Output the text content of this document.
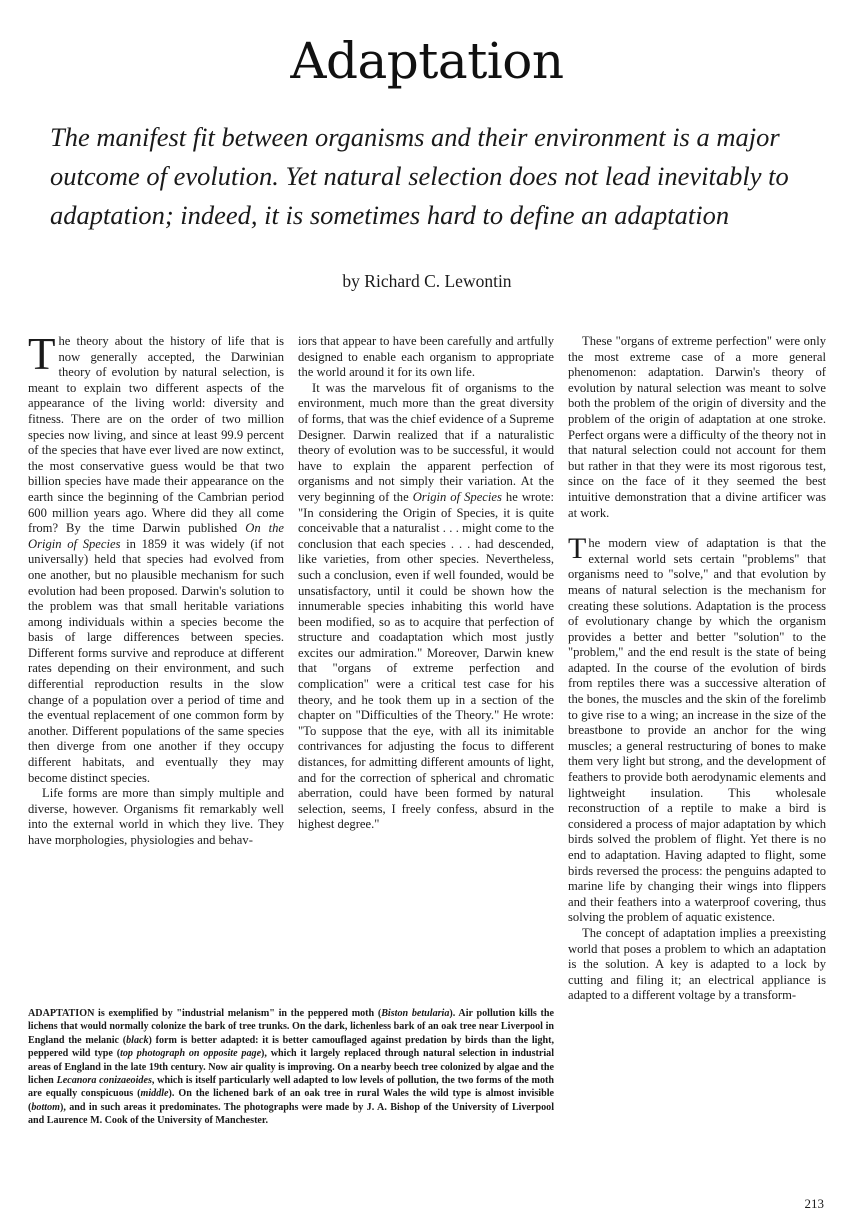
Adaptation
The manifest fit between organisms and their environment is a major outcome of evolution. Yet natural selection does not lead inevitably to adaptation; indeed, it is sometimes hard to define an adaptation
by Richard C. Lewontin

The theory about the history of life that is now generally accepted, the Darwinian theory of evolution by natural selection, is meant to explain two different aspects of the appearance of the living world: diversity and fitness. There are on the order of two million species now living, and since at least 99.9 percent of the species that have ever lived are now extinct, the most conservative guess would be that two billion species have made their appearance on the earth since the beginning of the Cambrian period 600 million years ago. Where did they all come from? By the time Darwin published On the Origin of Species in 1859 it was widely (if not universally) held that species had evolved from one another, but no plausible mechanism for such evolution had been proposed. Darwin's solution to the problem was that small heritable variations among individuals within a species become the basis of large differences between species. Different forms survive and reproduce at different rates depending on their environment, and such differential reproduction results in the slow change of a population over a period of time and the eventual replacement of one common form by another. Different populations of the same species then diverge from one another if they occupy different habitats, and eventually they may become distinct species.

Life forms are more than simply multiple and diverse, however. Organisms fit remarkably well into the external world in which they live. They have morphologies, physiologies and behav-

iors that appear to have been carefully and artfully designed to enable each organism to appropriate the world around it for its own life.

It was the marvelous fit of organisms to the environment, much more than the great diversity of forms, that was the chief evidence of a Supreme Designer. Darwin realized that if a naturalistic theory of evolution was to be successful, it would have to explain the apparent perfection of organisms and not simply their variation. At the very beginning of the Origin of Species he wrote: "In considering the Origin of Species, it is quite conceivable that a naturalist . . . might come to the conclusion that each species . . . had descended, like varieties, from other species. Nevertheless, such a conclusion, even if well founded, would be unsatisfactory, until it could be shown how the innumerable species inhabiting this world have been modified, so as to acquire that perfection of structure and coadaptation which most justly excites our admiration." Moreover, Darwin knew that "organs of extreme perfection and complication" were a critical test case for his theory, and he took them up in a section of the chapter on "Difficulties of the Theory." He wrote: "To suppose that the eye, with all its inimitable contrivances for adjusting the focus to different distances, for admitting different amounts of light, and for the correction of spherical and chromatic aberration, could have been formed by natural selection, seems, I freely confess, absurd in the highest degree."

These "organs of extreme perfection" were only the most extreme case of a more general phenomenon: adaptation. Darwin's theory of evolution by natural selection was meant to solve both the problem of the origin of diversity and the problem of the origin of adaptation at one stroke. Perfect organs were a difficulty of the theory not in that natural selection could not account for them but rather in that they were its most rigorous test, since on the face of it they seemed the best intuitive demonstration that a divine artificer was at work.

The modern view of adaptation is that the external world sets certain "problems" that organisms need to "solve," and that evolution by means of natural selection is the mechanism for creating these solutions. Adaptation is the process of evolutionary change by which the organism provides a better and better "solution" to the "problem," and the end result is the state of being adapted. In the course of the evolution of birds from reptiles there was a successive alteration of the bones, the muscles and the skin of the forelimb to give rise to a wing; an increase in the size of the breastbone to provide an anchor for the wing muscles; a general restructuring of bones to make them very light but strong, and the development of feathers to provide both aerodynamic elements and lightweight insulation. This wholesale reconstruction of a reptile to make a bird is considered a process of major adaptation by which birds solved the problem of flight. Yet there is no end to adaptation. Having adapted to flight, some birds reversed the process: the penguins adapted to marine life by changing their wings into flippers and their feathers into a waterproof covering, thus solving the problem of aquatic existence.

The concept of adaptation implies a preexisting world that poses a problem to which an adaptation is the solution. A key is adapted to a lock by cutting and filing it; an electrical appliance is adapted to a different voltage by a transform-

ADAPTATION is exemplified by "industrial melanism" in the peppered moth (Biston betularia). Air pollution kills the lichens that would normally colonize the bark of tree trunks. On the dark, lichenless bark of an oak tree near Liverpool in England the melanic (black) form is better adapted: it is better camouflaged against predation by birds than the light, peppered wild type (top photograph on opposite page), which it largely replaced through natural selection in industrial areas of England in the late 19th century. Now air quality is improving. On a nearby beech tree colonized by algae and the lichen Lecanora conizaeoides, which is itself particularly well adapted to low levels of pollution, the two forms of the moth are equally conspicuous (middle). On the lichened bark of an oak tree in rural Wales the wild type is almost invisible (bottom), and in such areas it predominates. The photographs were made by J. A. Bishop of the University of Liverpool and Laurence M. Cook of the University of Manchester.
213
